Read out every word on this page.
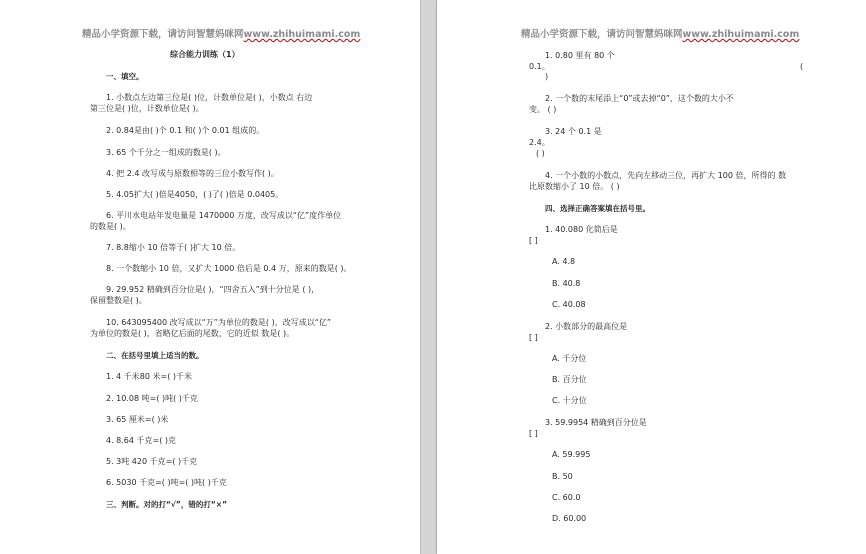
精品小学资源下载，请访问智慧妈咪网www.zhihuimami.com
综合能力训练（1）
一、填空。
1. 小数点左边第三位是( )位，计数单位是( )，小数点 右边
第三位是( )位，计数单位是( )。
2. 0.84是由( )个 0.1 和( )个 0.01 组成的。
3. 65 个千分之一组成的数是( )。
4. 把 2.4 改写成与原数相等的三位小数写作( )。
5. 4.05扩大( )倍是4050，( )了( )倍是 0.0405。
6. 平川水电站年发电量是 1470000 万度，改写成以“亿”度作单位
的数是( )。
7. 8.8缩小 10 倍等于( )扩大 10 倍。
8. 一个数缩小 10 倍，又扩大 1000 倍后是 0.4 万，原来的数是( )。
9. 29.952 精确到百分位是( )，“四舍五入”到十分位是 ( )，
保留整数是( )。
10. 643095400 改写成以“万”为单位的数是( )，改写成以“亿”
为单位的数是( )，省略亿后面的尾数，它的近似 数是( )。
二、在括号里填上适当的数。
1. 4 千米80 米=( )千米
2. 10.08 吨=( )吨( )千克
3. 65 厘米=( )米
4. 8.64 千克=( )克
5. 3吨 420 千克=( )千克
6. 5030 千克=( )吨=( )吨( )千克
三、判断。对的打“√”，错的打“×”
精品小学资源下载，请访问智慧妈咪网www.zhihuimami.com
1. 0.80 里有 80 个
0.1。	(
)
2. 一个数的末尾添上“0”或去掉“0”，这个数的大小不
变。 ( )
3. 24 个 0.1 是
2.4。
( )
4. 一个小数的小数点，先向左移动三位，再扩大 100 倍，所得的 数
比原数缩小了 10 倍。 ( )
四、选择正确答案填在括号里。
1. 40.080 化简后是
[ ]
A. 4.8
B. 40.8
C. 40.08
2. 小数部分的最高位是
[ ]
A. 千分位
B. 百分位
C. 十分位
3. 59.9954 精确到百分位是
[ ]
A. 59.995
B. 50
C. 60.0
D. 60.00
